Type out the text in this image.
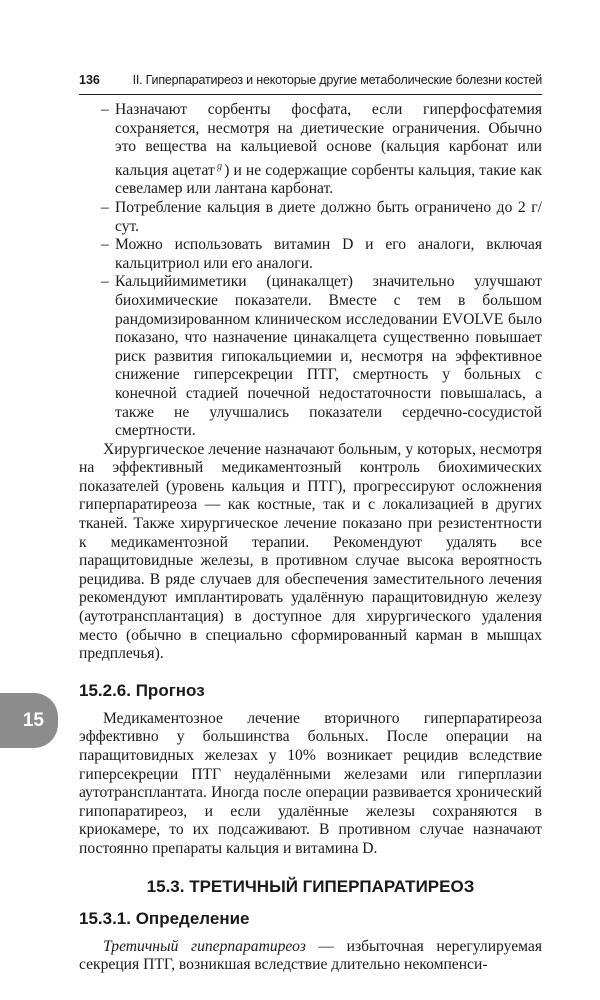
136	II. Гиперпаратиреоз и некоторые другие метаболические болезни костей
15
– Назначают сорбенты фосфата, если гиперфосфатемия сохраняется, несмотря на диетические ограничения. Обычно это вещества на кальциевой основе (кальция карбонат или кальция ацетат$^ℊ$) и не содержащие сорбенты кальция, такие как севеламер или лантана карбонат.
– Потребление кальция в диете должно быть ограничено до 2 г/сут.
– Можно использовать витамин D и его аналоги, включая кальцитриол или его аналоги.
– Кальцийимиметики (цинакалцет) значительно улучшают биохимические показатели. Вместе с тем в большом рандомизированном клиническом исследовании EVOLVE было показано, что назначение цинакалцета существенно повышает риск развития гипокальциемии и, несмотря на эффективное снижение гиперсекреции ПТГ, смертность у больных с конечной стадией почечной недостаточности повышалась, а также не улучшались показатели сердечно-сосудистой смертности.

Хирургическое лечение назначают больным, у которых, несмотря на эффективный медикаментозный контроль биохимических показателей (уровень кальция и ПТГ), прогрессируют осложнения гиперпаратиреоза — как костные, так и с локализацией в других тканей. Также хирургическое лечение показано при резистентности к медикаментозной терапии. Рекомендуют удалять все паращитовидные железы, в противном случае высока вероятность рецидива. В ряде случаев для обеспечения заместительного лечения рекомендуют имплантировать удалённую паращитовидную железу (аутотрансплантация) в доступное для хирургического удаления место (обычно в специально сформированный карман в мышцах предплечья).

15.2.6. Прогноз

Медикаментозное лечение вторичного гиперпаратиреоза эффективно у большинства больных. После операции на паращитовидных железах у 10% возникает рецидив вследствие гиперсекреции ПТГ неудалёнными железами или гиперплазии аутотрансплантата. Иногда после операции развивается хронический гипопаратиреоз, и если удалённые железы сохраняются в криокамере, то их подсаживают. В противном случае назначают постоянно препараты кальция и витамина D.

15.3. ТРЕТИЧНЫЙ ГИПЕРПАРАТИРЕОЗ
15.3.1. Определение

Третичный гиперпаратиреоз — избыточная нерегулируемая секреция ПТГ, возникшая вследствие длительно некомпенси-
